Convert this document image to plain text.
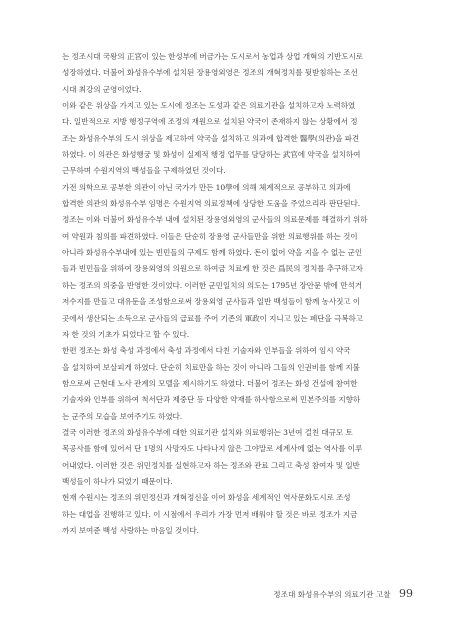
는 정조시대 국왕의 正宮이 있는 한성부에 버금가는 도시로서 농업과 상업 개혁의 기반도시로
성장하였다. 더불어 화성유수부에 설치된 장용영외영은 정조의 개혁정치를 뒷받침하는 조선
시대 최강의 군영이었다.
이와 같은 위상을 가지고 있는 도시에 정조는 도성과 같은 의료기관을 설치하고자 노력하였
다. 일반적으로 지방 행정구역에 조정의 재원으로 설치된 약국이 존재하지 않는 상황에서 정
조는 화성유수부의 도시 위상을 제고하여 약국을 설치하고 의과에 합격한 醫學(의관)을 파견
하였다. 이 의관은 화성행궁 및 화성이 실제적 행정 업무를 담당하는 武官에 약국을 설치하여
근무하며 수원지역의 백성들을 구제하였던 것이다.
가전 의학으로 공부한 의관이 아닌 국가가 만든 10學에 의해 체계적으로 공부하고 의과에
합격한 의관의 화성유수부 임명은 수원지역 의료정책에 상당한 도움을 주었으리라 판단된다.
정조는 이와 더불어 화성유수부 내에 설치된 장용영외영의 군사들의 의료문제를 해결하기 위하
여 약원과 침의를 파견하였다. 이들은 단순히 장용영 군사들만을 위한 의료행위를 하는 것이
아니라 화성유수부내에 있는 빈민들의 구제도 함께 하였다. 돈이 없어 약을 지을 수 없는 군인
들과 빈민들을 위하여 장용외영의 의원으로 하여금 치료케 한 것은 爲民의 정치를 추구하고자
하는 정조의 의중을 반영한 것이었다. 이러한 군민일치의 의도는 1795년 장안문 밖에 만석거
저수지를 만들고 대유둔을 조성함으로써 장용외영 군사들과 일반 백성들이 함께 농사짓고 이
곳에서 생산되는 소득으로 군사들의 급료를 주어 기존의 軍政이 지니고 있는 폐단을 극복하고
자 한 것의 기초가 되었다고 할 수 있다.
한편 정조는 화성 축성 과정에서 축성 과정에서 다친 기술자와 인부들을 위하여 임시 약국
을 설치하여 보살피게 하였다. 단순히 치료만을 하는 것이 아니라 그들의 인권비를 함께 지불
함으로써 근현대 노사 관계의 모델을 제시하기도 하였다. 더불어 정조는 화성 건설에 참여한
기술자와 인부를 위하여 척서단과 제중단 등 다양한 약재를 하사함으로써 민본주의를 지향하
는 군주의 모습을 보여주기도 하였다.
결국 이러한 정조의 화성유수부에 대한 의료기관 설치와 의료행위는 3년여 걸친 대규모 토
목공사를 함에 있어서 단 1명의 사망자도 나타나지 않은 그야말로 세계사에 없는 역사를 이루
어내었다. 이러한 것은 위민정치를 실현하고자 하는 정조와 관료 그리고 축성 참여자 및 일반
백성들이 하나가 되었기 때문이다.
현재 수원시는 정조의 위민정신과 개혁정신을 이어 화성을 세계적인 역사문화도시로 조성
하는 대업을 진행하고 있다. 이 시점에서 우리가 가장 먼저 배워야 할 것은 바로 정조가 지금
까지 보여준 백성 사랑하는 마음일 것이다.
정조대 화성유수부의 의료기관 고찰 99
